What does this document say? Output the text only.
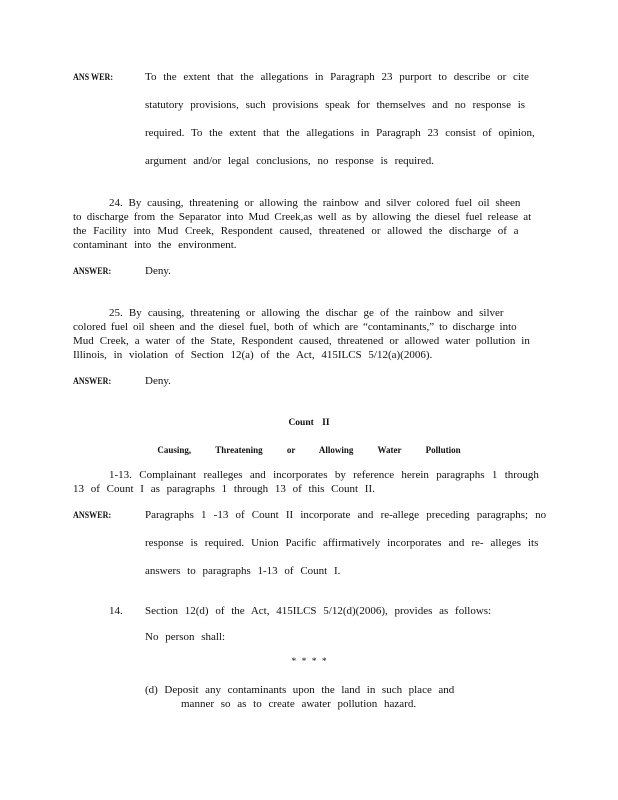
ANS WER:	To the extent that the allegations in Paragraph 23 purport to describe or cite
statutory provisions, such provisions speak for themselves and no response is
required. To the extent that the allegations in Paragraph 23 consist of opinion,
argument and/or legal conclusions, no response is required.
24. By causing, threatening or allowing the rainbow and silver colored fuel oil sheen
to discharge from the Separator into Mud Creek,as well as by allowing the diesel fuel release at
the Facility into Mud Creek, Respondent caused, threatened or allowed the discharge of a
contaminant into the environment.
ANSWER:	Deny.
25. By causing, threatening or allowing the dischar ge of the rainbow and silver
colored fuel oil sheen and the diesel fuel, both of which are “contaminants,” to discharge into
Mud Creek, a water of the State, Respondent caused, threatened or allowed water pollution in
Illinois, in violation of Section 12(a) of the Act, 415ILCS 5/12(a)(2006).
ANSWER:	Deny.
Count II
Causing, Threatening or Allowing Water Pollution
1-13. Complainant realleges and incorporates by reference herein paragraphs 1 through
13 of Count I as paragraphs 1 through 13 of this Count II.
ANSWER:	Paragraphs 1 -13 of Count II incorporate and re-allege preceding paragraphs; no
response is required. Union Pacific affirmatively incorporates and re- alleges its
answers to paragraphs 1-13 of Count I.
14. Section 12(d) of the Act, 415ILCS 5/12(d)(2006), provides as follows:
No person shall:
* * * *
(d) Deposit any contaminants upon the land in such place and
manner so as to create awater pollution hazard.
